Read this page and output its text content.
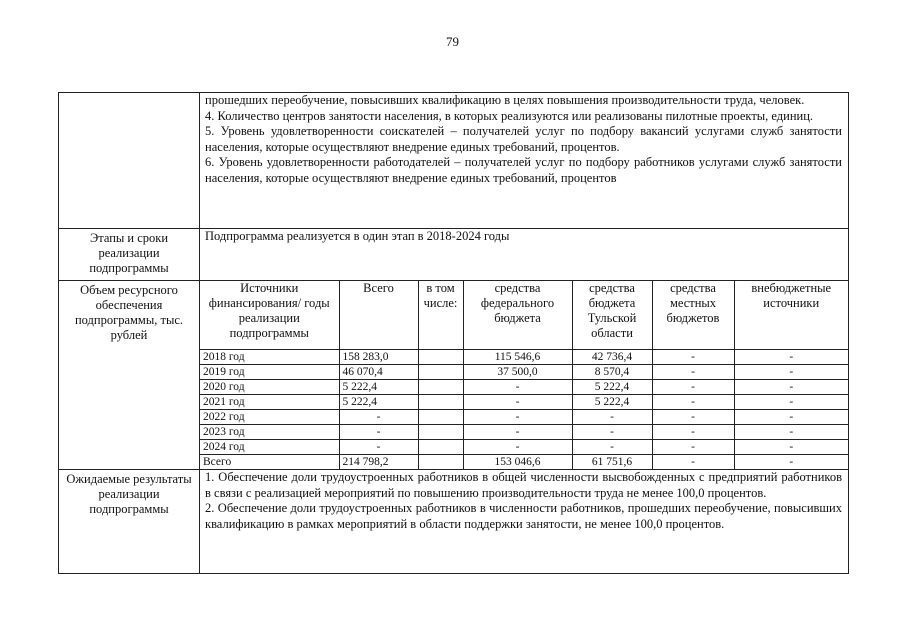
79

прошедших переобучение, повысивших квалификацию в целях повышения производительности труда, человек.

4. Количество центров занятости населения, в которых реализуются или реализованы пилотные проекты, единиц.

5. Уровень удовлетворенности соискателей – получателей услуг по подбору вакансий услугами служб занятости населения, которые осуществляют внедрение единых требований, процентов.

6. Уровень удовлетворенности работодателей – получателей услуг по подбору работников услугами служб занятости населения, которые осуществляют внедрение единых требований, процентов

Этапы и сроки реализации подпрограммы	Подпрограмма реализуется в один этап в 2018-2024 годы
Объем ресурсного обеспечения подпрограммы, тыс. рублей	
Источники финансирования/ годы реализации подпрограммы	Всего	в том числе:	средства федерального бюджета	средства бюджета Тульской области	средства местных бюджетов	внебюджетные источники
2018 год	158 283,0		115 546,6	42 736,4	-	-
2019 год	46 070,4		37 500,0	8 570,4	-	-
2020 год	5 222,4		-	5 222,4	-	-
2021 год	5 222,4		-	5 222,4	-	-
2022 год	-		-	-	-	-
2023 год	-		-	-	-	-
2024 год	-		-	-	-	-
Всего	214 798,2		153 046,6	61 751,6	-	-

Ожидаемые результаты реализации подпрограммы	

1. Обеспечение доли трудоустроенных работников в общей численности высвобожденных с предприятий работников в связи с реализацией мероприятий по повышению производительности труда не менее 100,0 процентов.

2. Обеспечение доли трудоустроенных работников в численности работников, прошедших переобучение, повысивших квалификацию в рамках мероприятий в области поддержки занятости, не менее 100,0 процентов.
